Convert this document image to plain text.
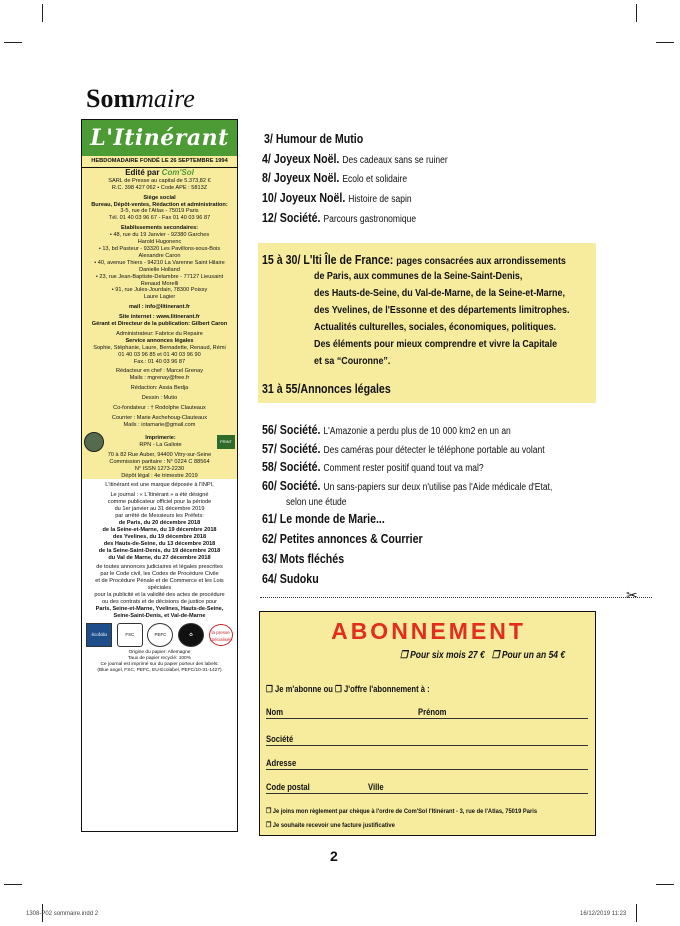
Sommaire
L'Itinérant
HEBDOMADAIRE FONDÉ LE 26 SEPTEMBRE 1994
Edité par Com'Sol
SARL de Presse au capital de 5.373,82 €
R.C. 398 427 062 • Code APE : 5813Z
Siège social
Bureau, Dépôt-ventes, Rédaction et administration:
3-5, rue de l'Atlas - 75019 Paris
Tél. 01 40 03 96 67 - Fax 01 40 03 96 87
Etablissements secondaires:
• 48, rue du 19 Janvier - 92380 Garches
Harold Hugonenc
• 13, bd Pasteur - 93320 Les Pavillons-sous-Bois
Alexandre Caron
• 40, avenue Thiers - 94210 La Varenne Saint Hilaire
Danielle Holland
• 23, rue Jean-Baptiste-Delambre - 77127 Lieusaint
Renaud Morelli
• 91, rue Jules-Jourdain, 78300 Poissy
Laure Lagier
mail : info@litinerant.fr
Site internet : www.litinerant.fr
Gérant et Directeur de la publication: Gilbert Caron
Administrateur: Fabrice du Repaire
Service annonces légales
Sophie, Stéphanie, Laure, Bernadette, Renaud, Rémi
01 40 03 96 85 et 01 40 03 96 90
Fax.: 01 40 03 96 87
Rédacteur en chef : Marcel Grenay
Mails : mgrenay@free.fr
Rédaction: Assia Bedja
Dessin : Mutio
Co-fondateur : † Rodolphe Clauteaux
Courrier : Marie Aschehoug-Clauteaux
Mails : iotamarie@gmail.com
Imprimerie:
RPN - La Galiote
PRINT
70 à 82 Rue Auber, 94400 Vitry-sur-Seine
Commission paritaire : N° 0224 C 88564
N° ISSN 1273-2230
Dépôt légal : 4e trimestre 2019
L'itinérant est une marque déposée à l'INPI,
Le journal : « L'Itinérant » a été désigné
comme publicateur officiel pour la période
du 1er janvier au 31 décembre 2019
par arrêté de Messieurs les Préfets:
de Paris, du 20 décembre 2018
de la Seine-et-Marne, du 19 décembre 2018
des Yvelines, du 19 décembre 2018
des Hauts-de-Seine, du 13 décembre 2018
de la Seine-Saint-Denis, du 19 décembre 2018
du Val de Marne, du 27 décembre 2018
de toutes annonces judiciaires et légales prescrites
par le Code civil, les Codes de Procédure Civile
et de Procédure Pénale et de Commerce et les Lois spéciales
pour la publicité et la validité des actes de procédure
ou des contrats et de décisions de justice pour
Paris, Seine-et-Marne, Yvelines, Hauts-de-Seine,
Seine-Saint-Denis, et Val-de-Marne
écofolio	FSC	PEFC	♻	la presse spécialisée
Origine du papier: Allemagne
Taux de papier recyclé: 100%
Ce journal est imprimé sur du papier porteur des labels:
(Blue angel, FSC, PEFC, EU-Ecolabel, PEFC/10-31-1427)
3/ Humour de Mutio
4/ Joyeux Noël. Des cadeaux sans se ruiner
8/ Joyeux Noël. Ecolo et solidaire
10/ Joyeux Noël. Histoire de sapin
12/ Société. Parcours gastronomique
15 à 30/ L'Iti Île de France: pages consacrées aux arrondissements
de Paris, aux communes de la Seine-Saint-Denis,
des Hauts-de-Seine, du Val-de-Marne, de la Seine-et-Marne,
des Yvelines, de l'Essonne et des départements limitrophes.
Actualités culturelles, sociales, économiques, politiques.
Des éléments pour mieux comprendre et vivre la Capitale
et sa “Couronne”.
31 à 55/Annonces légales
56/ Société. L'Amazonie a perdu plus de 10 000 km2 en un an
57/ Société. Des caméras pour détecter le téléphone portable au volant
58/ Société. Comment rester positif quand tout va mal?
60/ Société. Un sans-papiers sur deux n'utilise pas l'Aide médicale d'Etat,
selon une étude
61/ Le monde de Marie...
62/ Petites annonces & Courrier
63/ Mots fléchés
64/ Sudoku
✂
ABONNEMENT
❐ Pour six mois 27 € ❐ Pour un an 54 €
❐ Je m'abonne ou ❐ J'offre l'abonnement à :
Nom	Prénom
Société
Adresse
Code postal	Ville
❐ Je joins mon règlement par chèque à l'ordre de Com'Sol l'Itinérant - 3, rue de l'Atlas, 75019 Paris
❐ Je souhaite recevoir une facture justificative
2
1308-P02 sommaire.indd 2	16/12/2019 11:23
